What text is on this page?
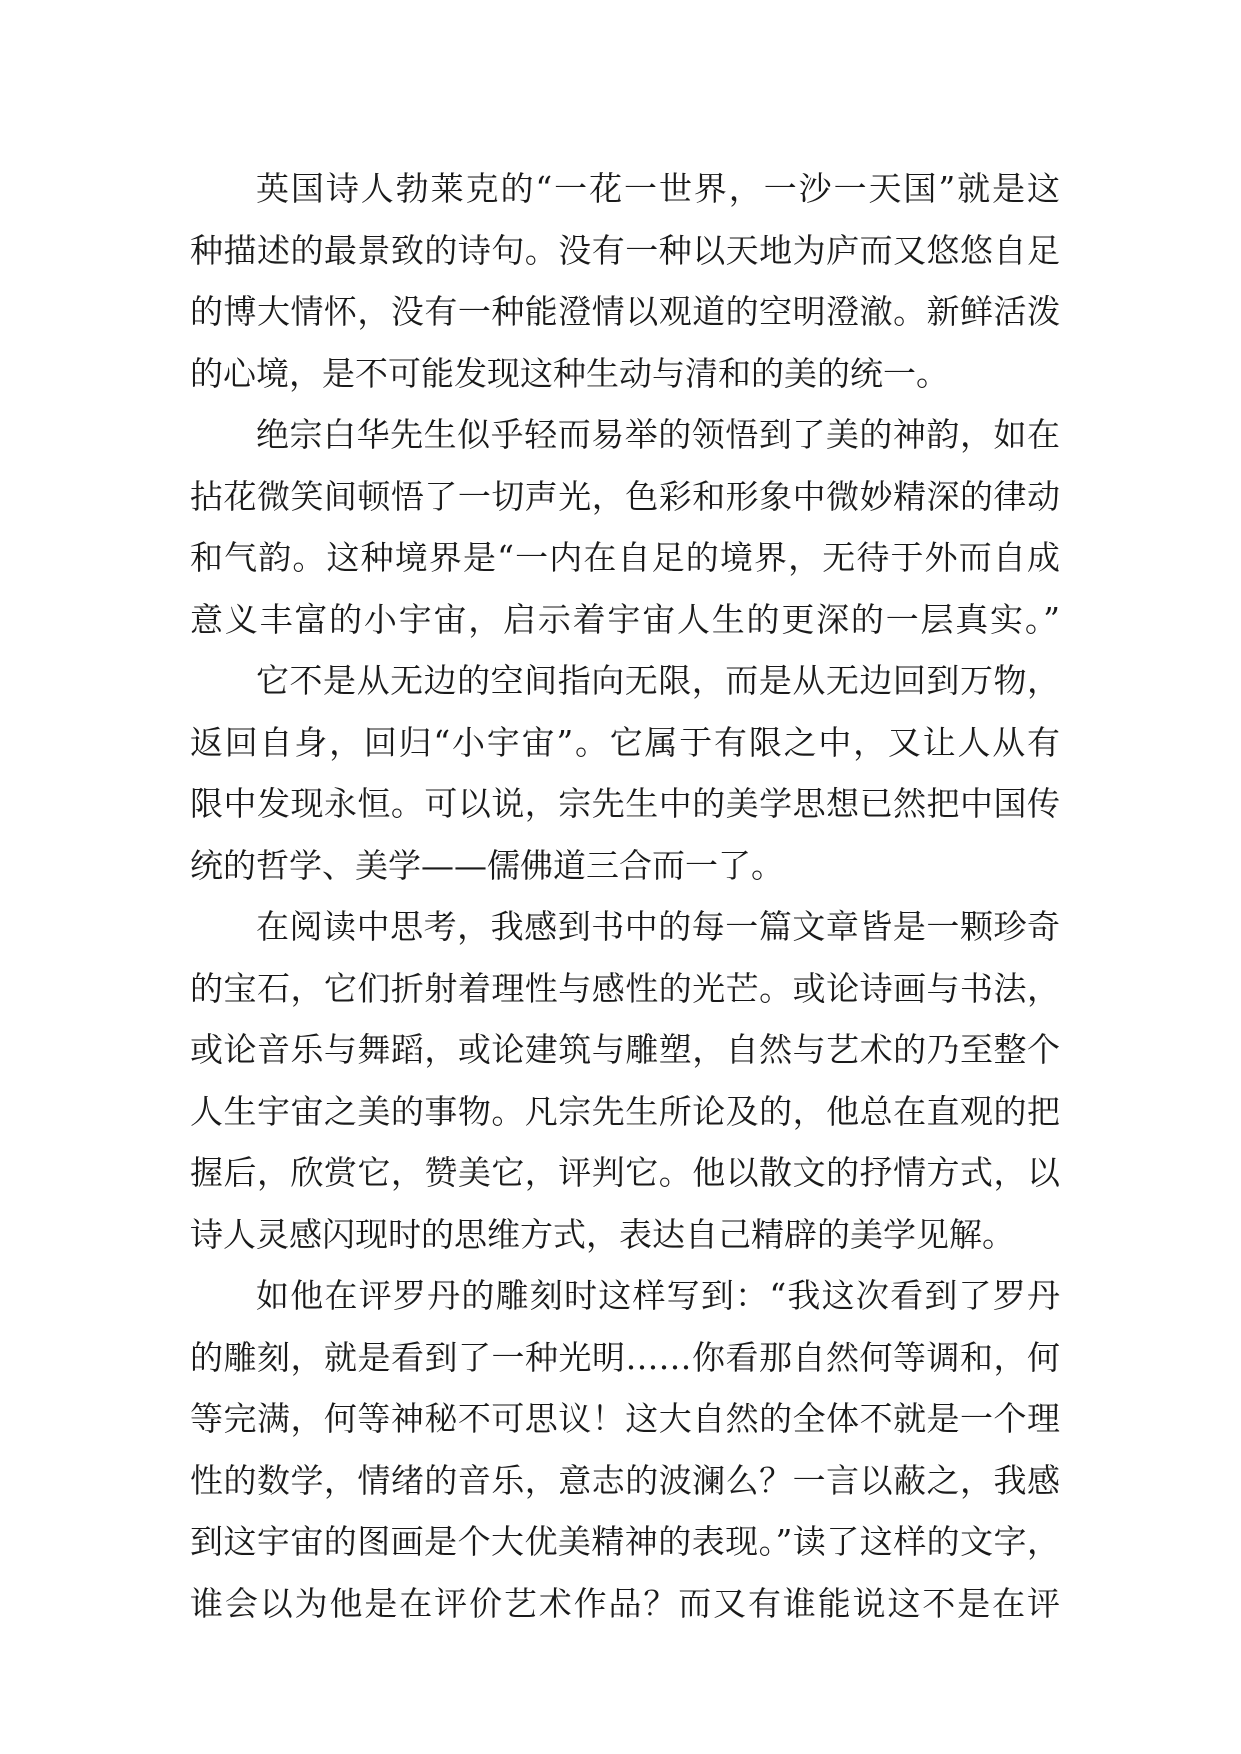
英国诗人勃莱克的“一花一世界，一沙一天国”就是这
种描述的最景致的诗句。没有一种以天地为庐而又悠悠自足
的博大情怀，没有一种能澄情以观道的空明澄澈。新鲜活泼
的心境，是不可能发现这种生动与清和的美的统一。
绝宗白华先生似乎轻而易举的领悟到了美的神韵，如在
拈花微笑间顿悟了一切声光，色彩和形象中微妙精深的律动
和气韵。这种境界是“一内在自足的境界，无待于外而自成
意义丰富的小宇宙，启示着宇宙人生的更深的一层真实。”
它不是从无边的空间指向无限，而是从无边回到万物，
返回自身，回归“小宇宙”。它属于有限之中，又让人从有
限中发现永恒。可以说，宗先生中的美学思想已然把中国传
统的哲学、美学——儒佛道三合而一了。
在阅读中思考，我感到书中的每一篇文章皆是一颗珍奇
的宝石，它们折射着理性与感性的光芒。或论诗画与书法，
或论音乐与舞蹈，或论建筑与雕塑，自然与艺术的乃至整个
人生宇宙之美的事物。凡宗先生所论及的，他总在直观的把
握后，欣赏它，赞美它，评判它。他以散文的抒情方式，以
诗人灵感闪现时的思维方式，表达自己精辟的美学见解。
如他在评罗丹的雕刻时这样写到：“我这次看到了罗丹
的雕刻，就是看到了一种光明……你看那自然何等调和，何
等完满，何等神秘不可思议！这大自然的全体不就是一个理
性的数学，情绪的音乐，意志的波澜么？一言以蔽之，我感
到这宇宙的图画是个大优美精神的表现。”读了这样的文字，
谁会以为他是在评价艺术作品？而又有谁能说这不是在评
